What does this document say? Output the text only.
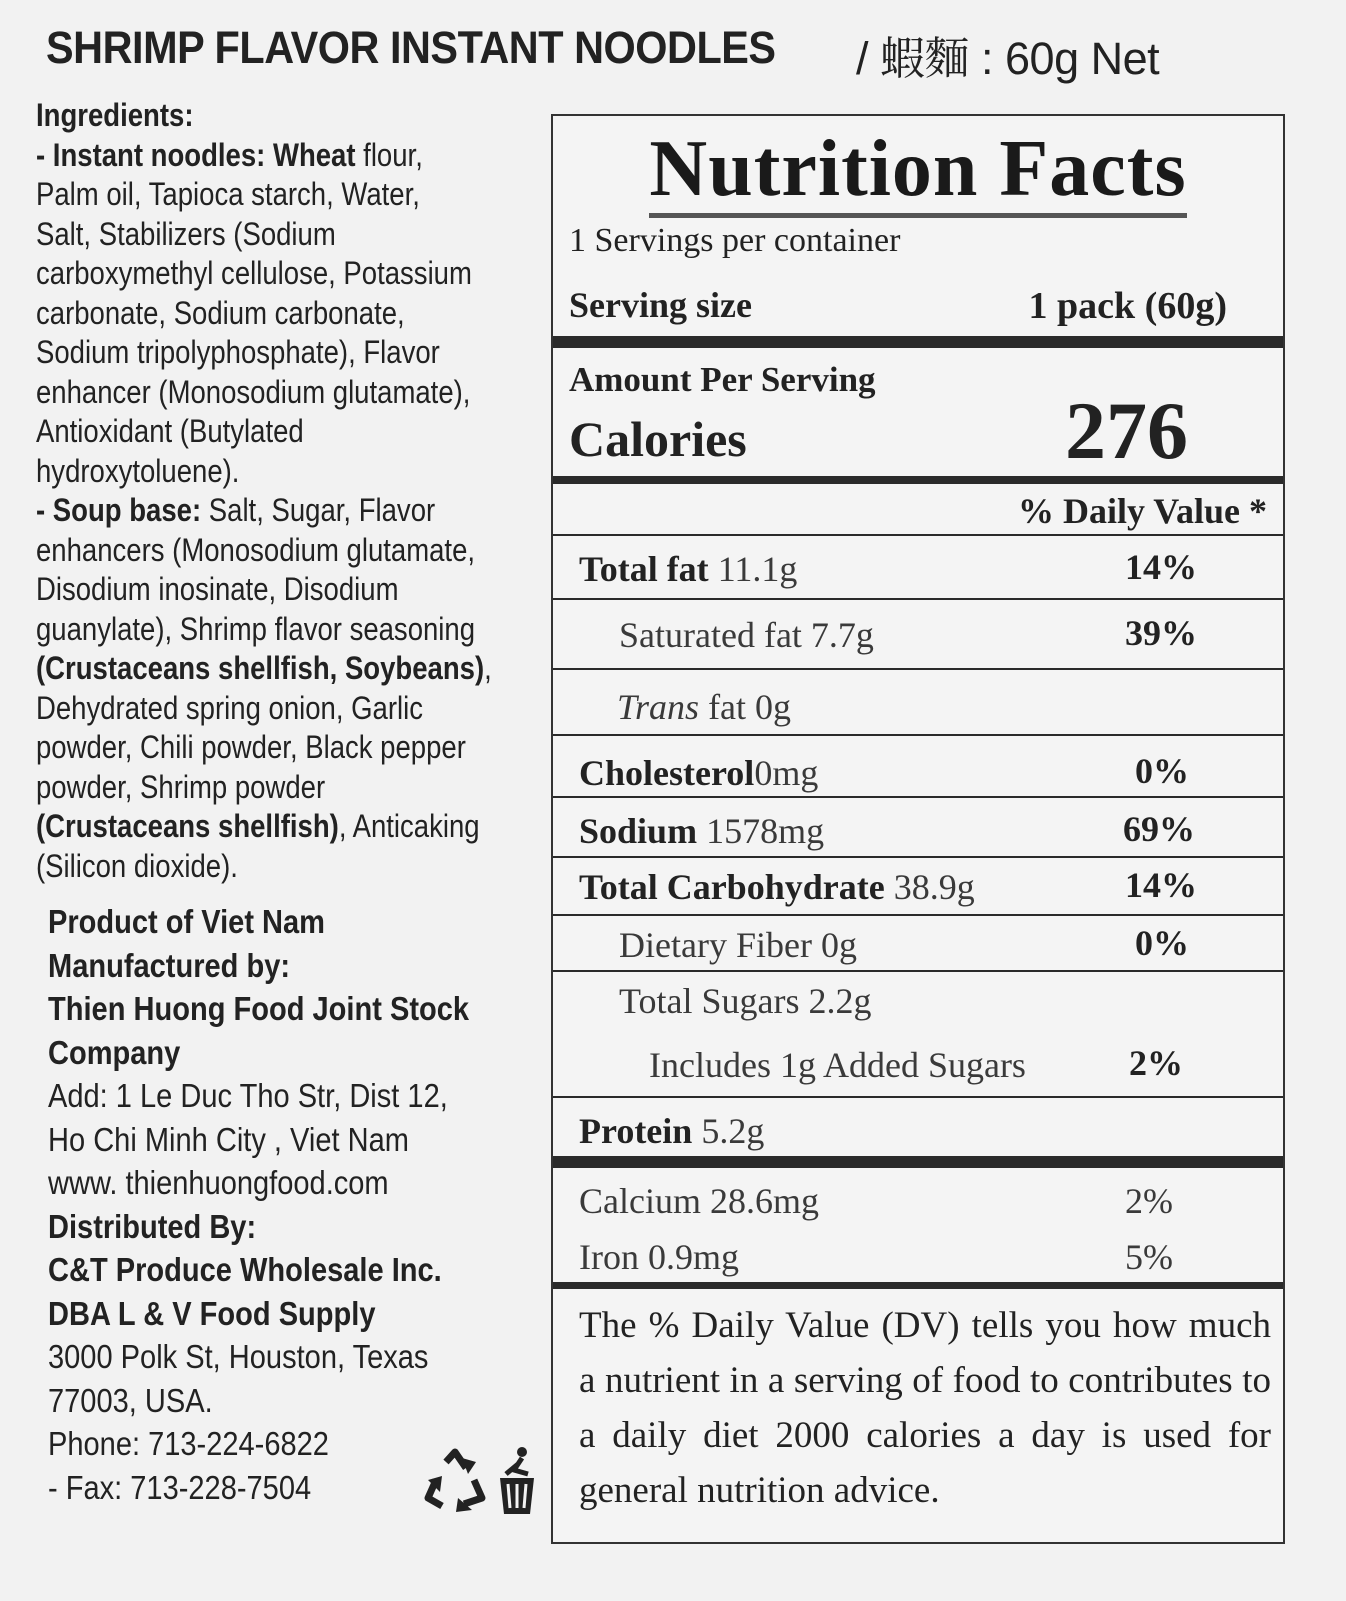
SHRIMP FLAVOR INSTANT NOODLES / 蝦麵 : 60g Net
Ingredients:
- Instant noodles: Wheat flour,
Palm oil, Tapioca starch, Water,
Salt, Stabilizers (Sodium
carboxymethyl cellulose, Potassium
carbonate, Sodium carbonate,
Sodium tripolyphosphate), Flavor
enhancer (Monosodium glutamate),
Antioxidant (Butylated
hydroxytoluene).
- Soup base: Salt, Sugar, Flavor
enhancers (Monosodium glutamate,
Disodium inosinate, Disodium
guanylate), Shrimp flavor seasoning
(Crustaceans shellfish, Soybeans),
Dehydrated spring onion, Garlic
powder, Chili powder, Black pepper
powder, Shrimp powder
(Crustaceans shellfish), Anticaking
(Silicon dioxide).
Product of Viet Nam
Manufactured by:
Thien Huong Food Joint Stock
Company
Add: 1 Le Duc Tho Str, Dist 12,
Ho Chi Minh City , Viet Nam
www. thienhuongfood.com
Distributed By:
C&T Produce Wholesale Inc.
DBA L & V Food Supply
3000 Polk St, Houston, Texas
77003, USA.
Phone: 713-224-6822
- Fax: 713-228-7504
Nutrition Facts
1 Servings per container
Serving size	1 pack (60g)
Amount Per Serving
Calories	276
% Daily Value *
Total fat 11.1g	14%
Saturated fat 7.7g	39%
Trans fat 0g
Cholesterol0mg	0%
Sodium 1578mg	69%
Total Carbohydrate 38.9g	14%
Dietary Fiber 0g	0%
Total Sugars 2.2g
Includes 1g Added Sugars	2%
Protein 5.2g
Calcium 28.6mg	2%
Iron 0.9mg	5%
The % Daily Value (DV) tells you how much a nutrient in a serving of food to contributes to a daily diet 2000 calories a day is used for general nutrition advice.
